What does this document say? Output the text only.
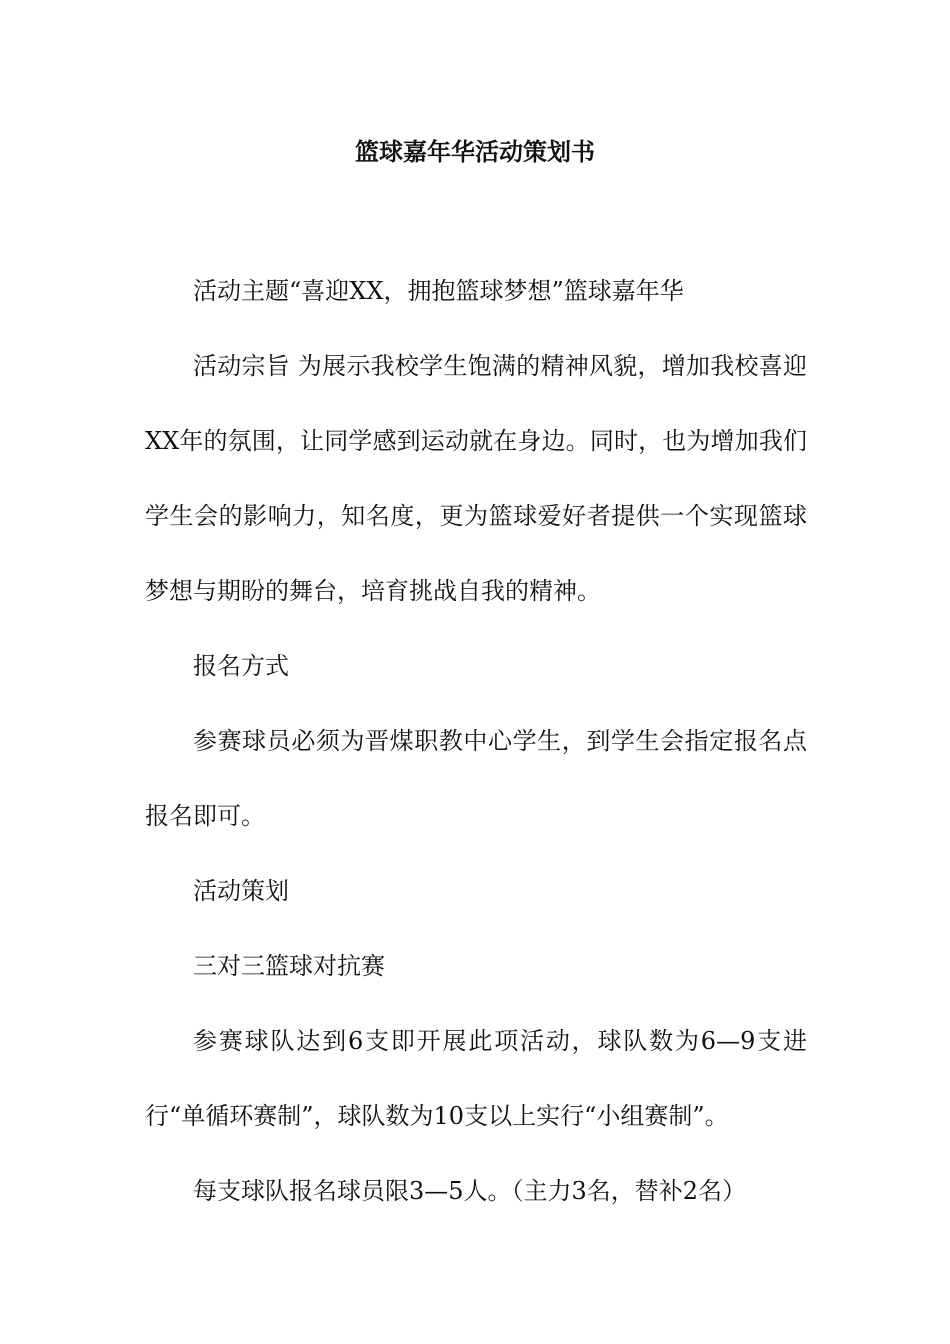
篮球嘉年华活动策划书

活动主题“喜迎XX，拥抱篮球梦想”篮球嘉年华

活动宗旨 为展示我校学生饱满的精神风貌，增加我校喜迎XX年的氛围，让同学感到运动就在身边。同时，也为增加我们学生会的影响力，知名度，更为篮球爱好者提供一个实现篮球梦想与期盼的舞台，培育挑战自我的精神。

报名方式

参赛球员必须为晋煤职教中心学生，到学生会指定报名点报名即可。

活动策划

三对三篮球对抗赛

参赛球队达到6支即开展此项活动，球队数为6—9支进行“单循环赛制”，球队数为10支以上实行“小组赛制”。

每支球队报名球员限3—5人。（主力3名，替补2名）
